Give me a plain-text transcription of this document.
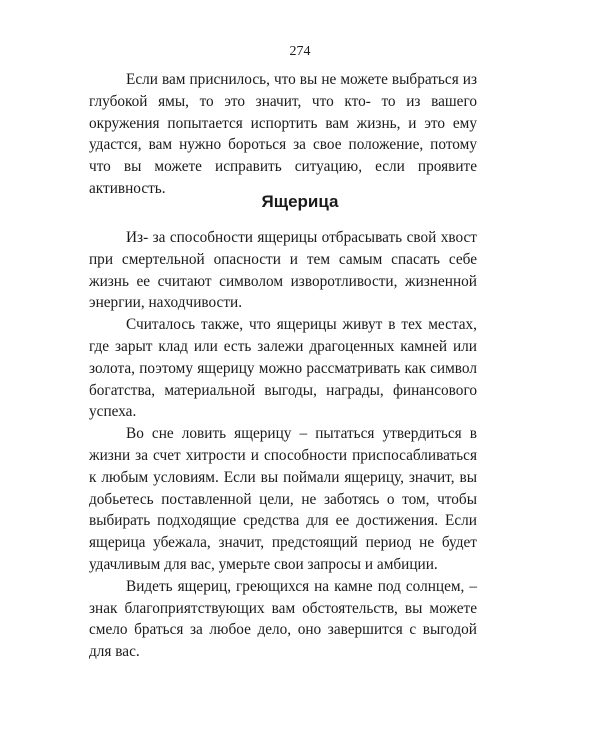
274

Если вам приснилось, что вы не можете выбраться из глубокой ямы, то это значит, что кто- то из вашего окружения попытается испортить вам жизнь, и это ему удастся, вам нужно бороться за свое положение, потому что вы можете исправить ситуацию, если проявите активность.

Ящерица

Из- за способности ящерицы отбрасывать свой хвост при смертельной опасности и тем самым спасать себе жизнь ее считают символом изворотливости, жизненной энергии, находчивости.

Считалось также, что ящерицы живут в тех местах, где зарыт клад или есть залежи драгоценных камней или золота, поэтому ящерицу можно рассматривать как символ богатства, материальной выгоды, награды, финансового успеха.

Во сне ловить ящерицу – пытаться утвердиться в жизни за счет хитрости и способности приспосабливаться к любым условиям. Если вы поймали ящерицу, значит, вы добьетесь поставленной цели, не заботясь о том, чтобы выбирать подходящие средства для ее достижения. Если ящерица убежала, значит, предстоящий период не будет удачливым для вас, умерьте свои запросы и амбиции.

Видеть ящериц, греющихся на камне под солнцем, – знак благоприятствующих вам обстоятельств, вы можете смело браться за любое дело, оно завершится с выгодой для вас.
